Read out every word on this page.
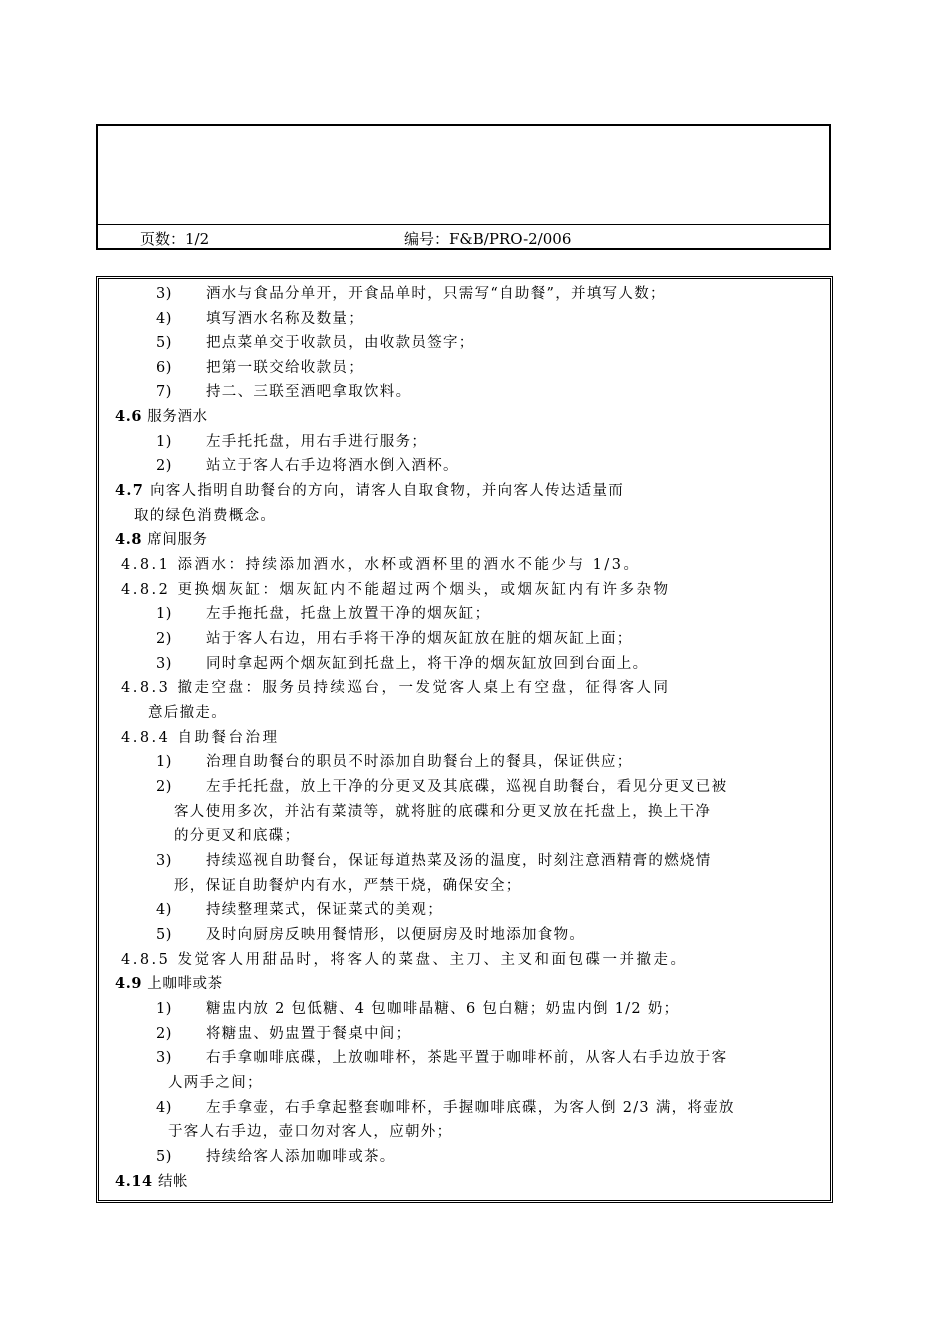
页数：1/2	编号：F&B/PRO-2/006
3) 酒水与食品分单开，开食品单时，只需写“自助餐”，并填写人数；
4) 填写酒水名称及数量；
5) 把点菜单交于收款员，由收款员签字；
6) 把第一联交给收款员；
7) 持二、三联至酒吧拿取饮料。
4.6 服务酒水
1) 左手托托盘，用右手进行服务；
2) 站立于客人右手边将酒水倒入酒杯。
4.7 向客人指明自助餐台的方向，请客人自取食物，并向客人传达适量而
取的绿色消费概念。
4.8 席间服务
4.8.1 添酒水：持续添加酒水，水杯或酒杯里的酒水不能少与 1/3。
4.8.2 更换烟灰缸：烟灰缸内不能超过两个烟头，或烟灰缸内有许多杂物
1) 左手拖托盘，托盘上放置干净的烟灰缸；
2) 站于客人右边，用右手将干净的烟灰缸放在脏的烟灰缸上面；
3) 同时拿起两个烟灰缸到托盘上，将干净的烟灰缸放回到台面上。
4.8.3 撤走空盘：服务员持续巡台，一发觉客人桌上有空盘，征得客人同
意后撤走。
4.8.4 自助餐台治理
1) 治理自助餐台的职员不时添加自助餐台上的餐具，保证供应；
2) 左手托托盘，放上干净的分更叉及其底碟，巡视自助餐台，看见分更叉已被
客人使用多次，并沾有菜渍等，就将脏的底碟和分更叉放在托盘上，换上干净
的分更叉和底碟；
3) 持续巡视自助餐台，保证每道热菜及汤的温度，时刻注意酒精膏的燃烧情
形，保证自助餐炉内有水，严禁干烧，确保安全；
4) 持续整理菜式，保证菜式的美观；
5) 及时向厨房反映用餐情形，以便厨房及时地添加食物。
4.8.5 发觉客人用甜品时，将客人的菜盘、主刀、主叉和面包碟一并撤走。
4.9 上咖啡或茶
1) 糖盅内放 2 包低糖、4 包咖啡晶糖、6 包白糖；奶盅内倒 1/2 奶；
2) 将糖盅、奶盅置于餐桌中间；
3) 右手拿咖啡底碟，上放咖啡杯，茶匙平置于咖啡杯前，从客人右手边放于客
人两手之间；
4) 左手拿壶，右手拿起整套咖啡杯，手握咖啡底碟，为客人倒 2/3 满，将壶放
于客人右手边，壶口勿对客人，应朝外；
5) 持续给客人添加咖啡或茶。
4.14 结帐
